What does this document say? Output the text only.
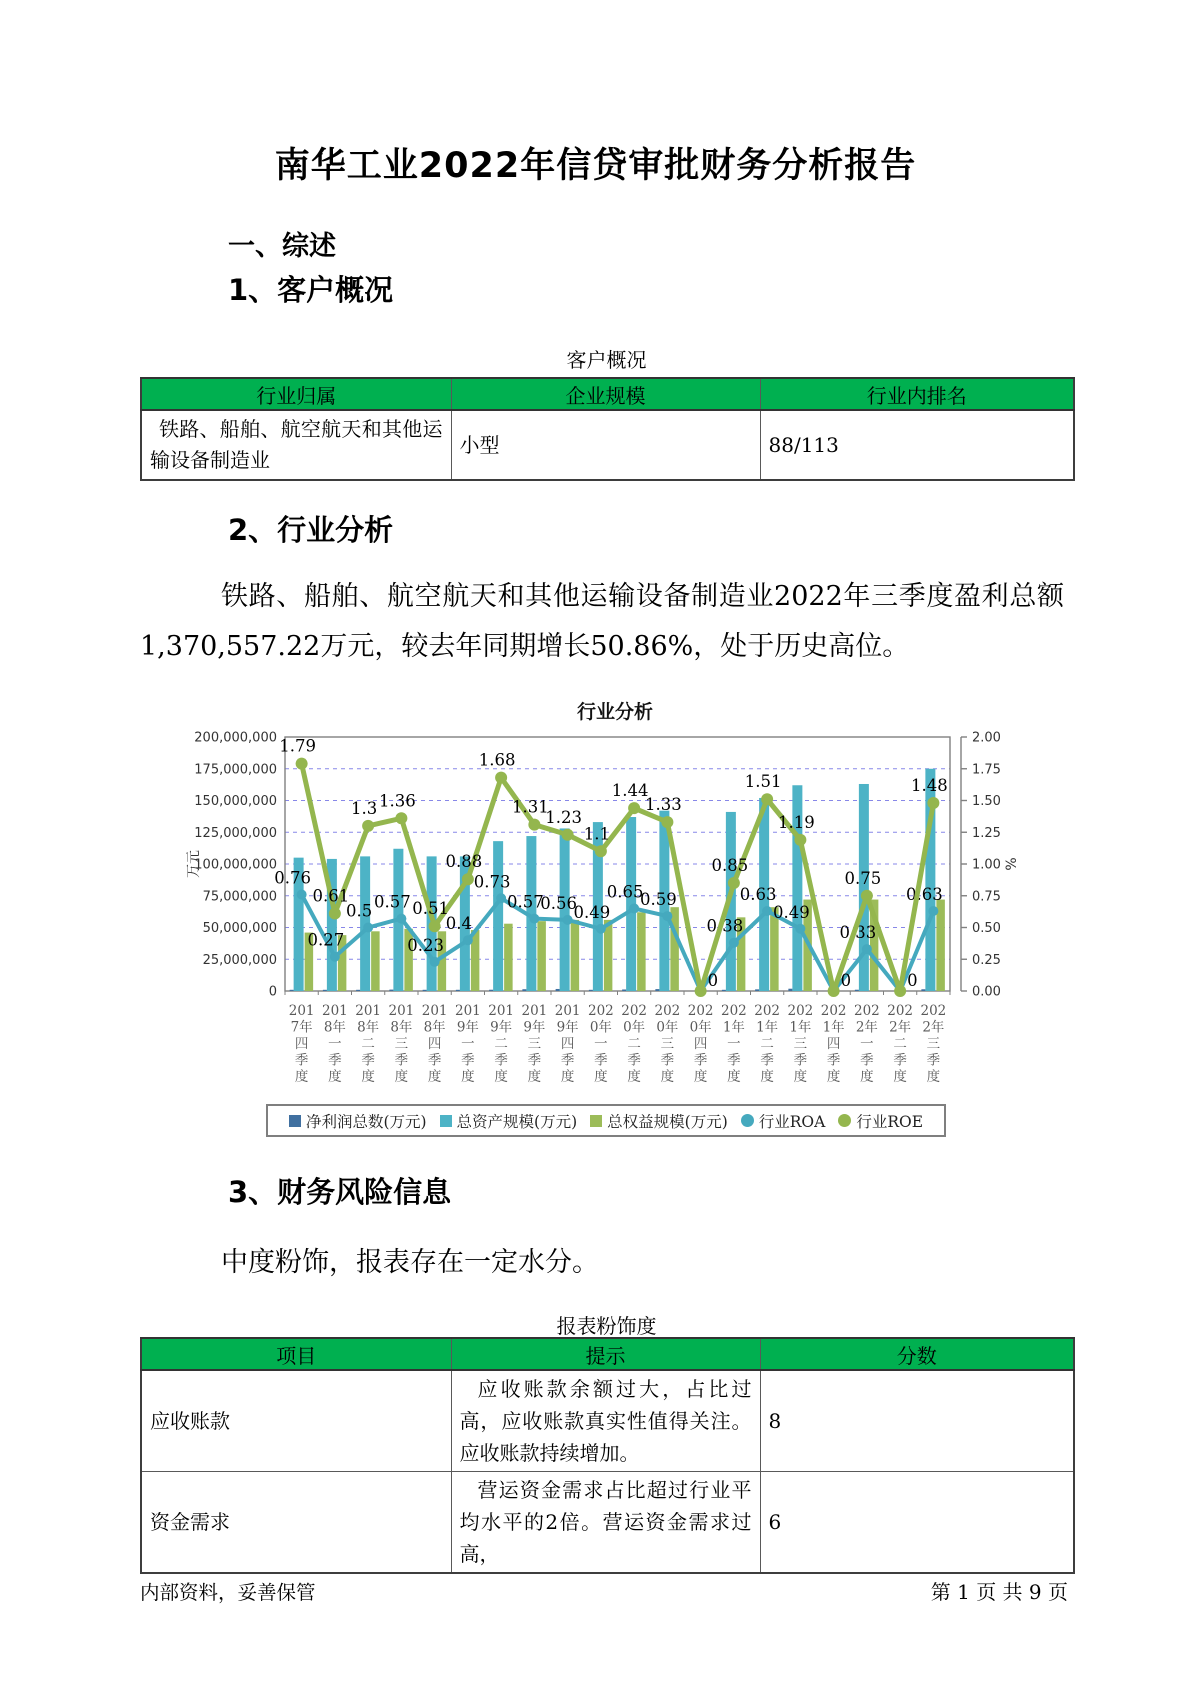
南华工业2022年信贷审批财务分析报告
一、综述
1、客户概况
客户概况
行业归属	企业规模	行业内排名

铁路、船舶、航空航天和其他运输设备制造业	小型	88/113
2、行业分析
铁路、船舶、航空航天和其他运输设备制造业2022年三季度盈利总额
1,370,557.22万元，较去年同期增长50.86%，处于历史高位。
行业分析
0
25,000,000
50,000,000
75,000,000
100,000,000
125,000,000
150,000,000
175,000,000
200,000,000
0.00
0.25
0.50
0.75
1.00
1.25
1.50
1.75
2.00
万元	%
201
7年
四
季
度
201
8年
一
季
度
201
8年
二
季
度
201
8年
三
季
度
201
8年
四
季
度
201
9年
一
季
度
201
9年
二
季
度
201
9年
三
季
度
201
9年
四
季
度
202
0年
一
季
度
202
0年
二
季
度
202
0年
三
季
度
202
0年
四
季
度
202
1年
一
季
度
202
1年
二
季
度
202
1年
三
季
度
202
1年
四
季
度
202
2年
一
季
度
202
2年
二
季
度
202
2年
三
季
度
0.76
0.27
0.5 0.57
0.23
0.4
0.73
0.57
0.56
0.49
0.65
0.59
0.38
0.63
0.49
0.33
0.63
1.79
0.61
1.3 1.36
0.51
0.88
1.68
1.31
1.23
1.1
1.44
1.33
0
0.85
1.51
1.19
0
0.75
0
1.48
净利润总数(万元) 总资产规模(万元) 总权益规模(万元) 行业ROA 行业ROE
3、财务风险信息
中度粉饰，报表存在一定水分。
报表粉饰度
项目	提示	分数
应收账款	应收账款余额过大，占比过高，应收账款真实性值得关注。应收账款持续增加。	8
资金需求	营运资金需求占比超过行业平均水平的2倍。营运资金需求过高，	6
内部资料，妥善保管	第 1 页 共 9 页
